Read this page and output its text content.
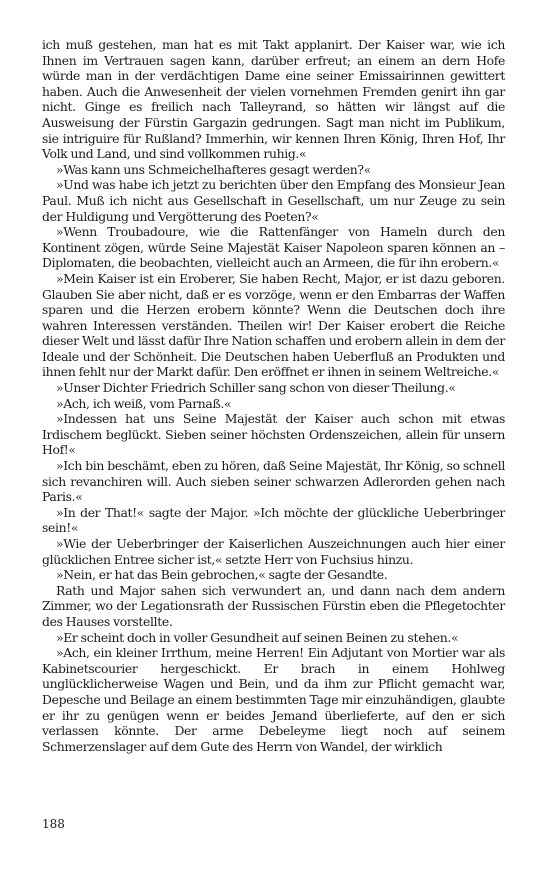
ich muß gestehen, man hat es mit Takt applanirt. Der Kaiser war, wie ich Ihnen im Vertrauen sagen kann, darüber erfreut; an einem an dern Hofe würde man in der verdächtigen Dame eine seiner Emissairinnen gewittert haben. Auch die Anwesenheit der vielen vornehmen Fremden genirt ihn gar nicht. Ginge es freilich nach Talleyrand, so hätten wir längst auf die Ausweisung der Fürstin Gargazin gedrungen. Sagt man nicht im Publikum, sie intriguire für Rußland? Immerhin, wir kennen Ihren König, Ihren Hof, Ihr Volk und Land, und sind vollkommen ruhig.«

»Was kann uns Schmeichelhafteres gesagt werden?«

»Und was habe ich jetzt zu berichten über den Empfang des Monsieur Jean Paul. Muß ich nicht aus Gesellschaft in Gesellschaft, um nur Zeuge zu sein der Huldigung und Vergötterung des Poeten?«

»Wenn Troubadoure, wie die Rattenfänger von Hameln durch den Kontinent zögen, würde Seine Majestät Kaiser Napoleon sparen können an – Diplomaten, die beobachten, vielleicht auch an Armeen, die für ihn erobern.«

»Mein Kaiser ist ein Eroberer, Sie haben Recht, Major, er ist dazu geboren. Glauben Sie aber nicht, daß er es vorzöge, wenn er den Embarras der Waffen sparen und die Herzen erobern könnte? Wenn die Deutschen doch ihre wahren Interessen verständen. Theilen wir! Der Kaiser erobert die Reiche dieser Welt und lässt dafür Ihre Nation schaffen und erobern allein in dem der Ideale und der Schönheit. Die Deutschen haben Ueberfluß an Produkten und ihnen fehlt nur der Markt dafür. Den eröffnet er ihnen in seinem Weltreiche.«

»Unser Dichter Friedrich Schiller sang schon von dieser Theilung.«

»Ach, ich weiß, vom Parnaß.«

»Indessen hat uns Seine Majestät der Kaiser auch schon mit etwas Irdischem beglückt. Sieben seiner höchsten Ordenszeichen, allein für unsern Hof!«

»Ich bin beschämt, eben zu hören, daß Seine Majestät, Ihr König, so schnell sich revanchiren will. Auch sieben seiner schwarzen Adlerorden gehen nach Paris.«

»In der That!« sagte der Major. »Ich möchte der glückliche Ueberbringer sein!«

»Wie der Ueberbringer der Kaiserlichen Auszeichnungen auch hier einer glücklichen Entree sicher ist,« setzte Herr von Fuchsius hinzu.

»Nein, er hat das Bein gebrochen,« sagte der Gesandte.

Rath und Major sahen sich verwundert an, und dann nach dem andern Zimmer, wo der Legationsrath der Russischen Fürstin eben die Pflegetochter des Hauses vorstellte.

»Er scheint doch in voller Gesundheit auf seinen Beinen zu stehen.«

»Ach, ein kleiner Irrthum, meine Herren! Ein Adjutant von Mortier war als Kabinetscourier hergeschickt. Er brach in einem Hohlweg unglücklicherweise Wagen und Bein, und da ihm zur Pflicht gemacht war, Depesche und Beilage an einem bestimmten Tage mir einzuhändigen, glaubte er ihr zu genügen wenn er beides Jemand überlieferte, auf den er sich verlassen könnte. Der arme Debeleyme liegt noch auf seinem Schmerzenslager auf dem Gute des Herrn von Wandel, der wirklich

188
